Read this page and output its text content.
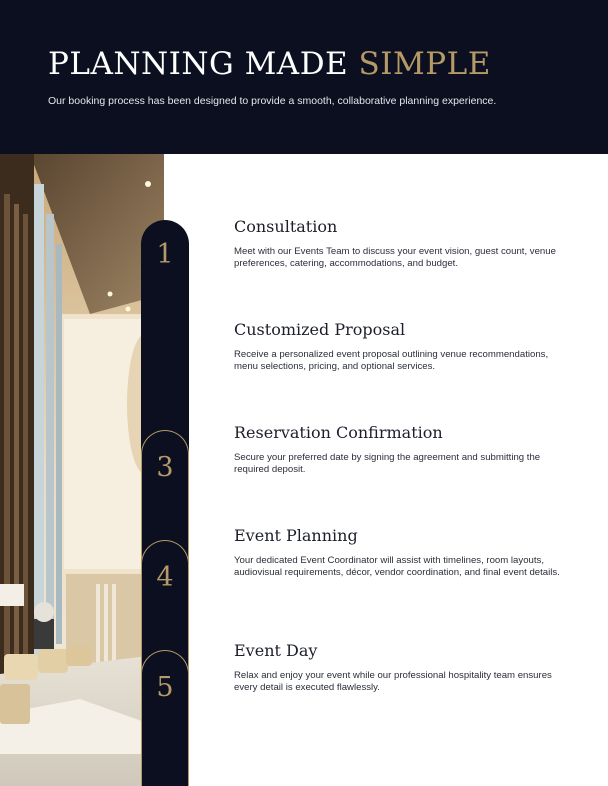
PLANNING MADE SIMPLE
Our booking process has been designed to provide a smooth, collaborative planning experience.
1
3
4
5
Consultation

Meet with our Events Team to discuss your event vision, guest count, venue preferences, catering, accommodations, and budget.

Customized Proposal

Receive a personalized event proposal outlining venue recommendations, menu selections, pricing, and optional services.

Reservation Confirmation

Secure your preferred date by signing the agreement and submitting the required deposit.

Event Planning

Your dedicated Event Coordinator will assist with timelines, room layouts, audiovisual requirements, décor, vendor coordination, and final event details.

Event Day

Relax and enjoy your event while our professional hospitality team ensures every detail is executed flawlessly.
